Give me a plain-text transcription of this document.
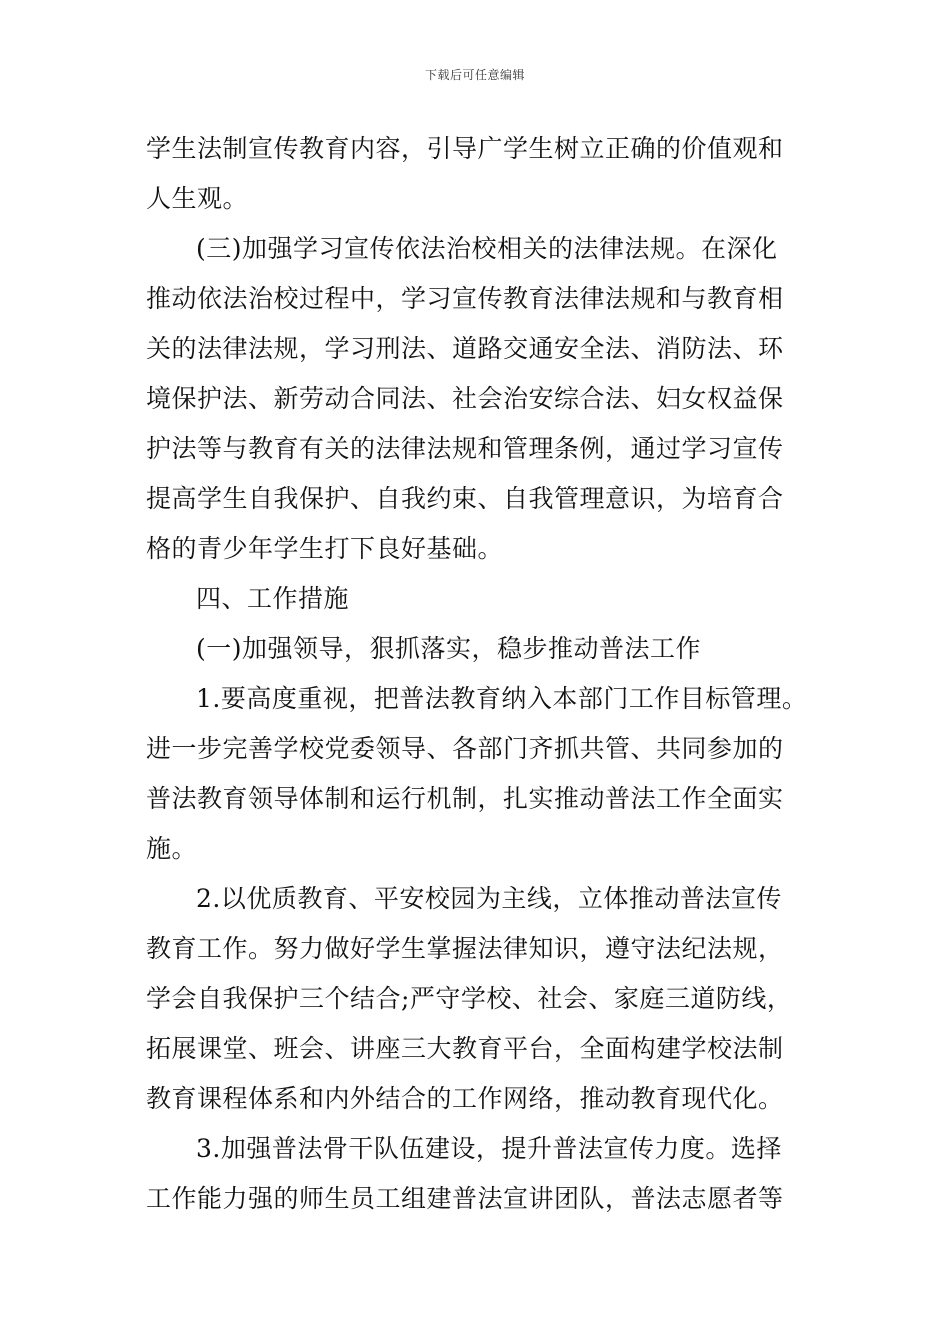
下载后可任意编辑
学生法制宣传教育内容，引导广学生树立正确的价值观和
人生观。
(三)加强学习宣传依法治校相关的法律法规。在深化
推动依法治校过程中，学习宣传教育法律法规和与教育相
关的法律法规，学习刑法、道路交通安全法、消防法、环
境保护法、新劳动合同法、社会治安综合法、妇女权益保
护法等与教育有关的法律法规和管理条例，通过学习宣传
提高学生自我保护、自我约束、自我管理意识，为培育合
格的青少年学生打下良好基础。
四、工作措施
(一)加强领导，狠抓落实，稳步推动普法工作
1.要高度重视，把普法教育纳入本部门工作目标管理。
进一步完善学校党委领导、各部门齐抓共管、共同参加的
普法教育领导体制和运行机制，扎实推动普法工作全面实
施。
2.以优质教育、平安校园为主线，立体推动普法宣传
教育工作。努力做好学生掌握法律知识，遵守法纪法规，
学会自我保护三个结合;严守学校、社会、家庭三道防线，
拓展课堂、班会、讲座三大教育平台，全面构建学校法制
教育课程体系和内外结合的工作网络，推动教育现代化。
3.加强普法骨干队伍建设，提升普法宣传力度。选择
工作能力强的师生员工组建普法宣讲团队，普法志愿者等
